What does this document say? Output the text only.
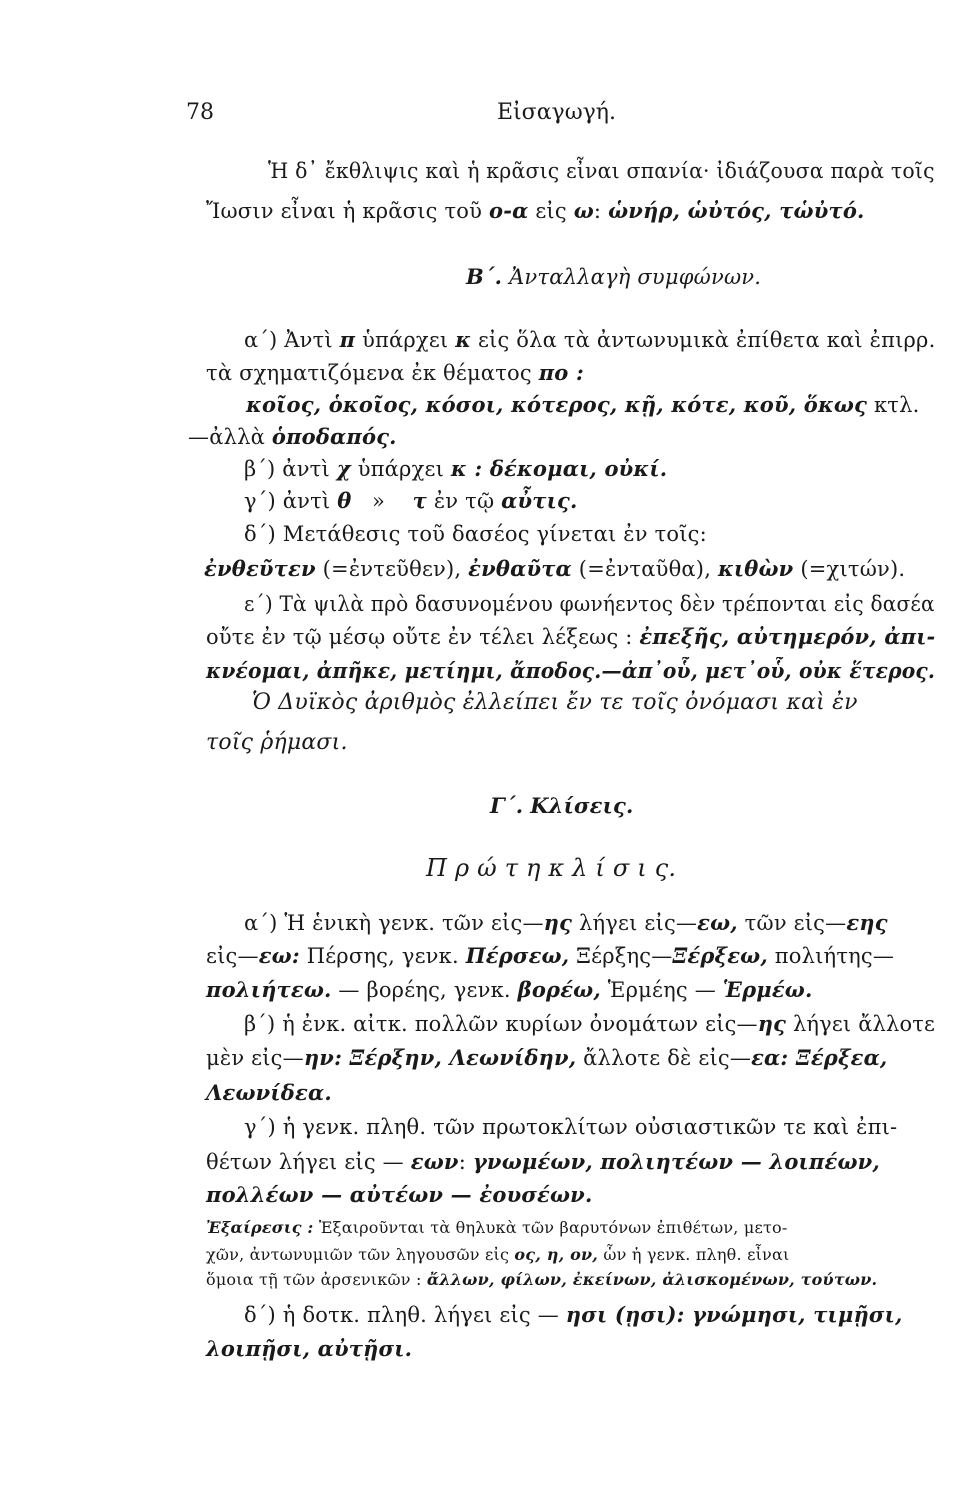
78	Εἰσαγωγή.
Ἡ δ᾽ ἔκθλιψις καὶ ἡ κρᾶσις εἶναι σπανία· ἰδιάζουσα παρὰ τοῖς
Ἴωσιν εἶναι ἡ κρᾶσις τοῦ ο-α εἰς ω: ὡνήρ, ὡὐτός, τὡὐτό.
Β΄. Ἀνταλλαγὴ συμφώνων.
α΄) Ἀντὶ π ὑπάρχει κ εἰς ὅλα τὰ ἀντωνυμικὰ ἐπίθετα καὶ ἐπιρρ.
τὰ σχηματιζόμενα ἐκ θέματος πο :
κοῖος, ὁκοῖος, κόσοι, κότερος, κῇ, κότε, κοῦ, ὅκως κτλ.
—ἀλλὰ ὁποδαπός.
β΄) ἀντὶ χ ὑπάρχει κ : δέκομαι, οὐκί.
γ΄) ἀντὶ θ   »    τ ἐν τῷ αὖτις.
δ΄) Μετάθεσις τοῦ δασέος γίνεται ἐν τοῖς:
ἐνθεῦτεν (=ἐντεῦθεν), ἐνθαῦτα (=ἐνταῦθα), κιθὼν (=χιτών).
ε΄) Τὰ ψιλὰ πρὸ δασυνομένου φωνήεντος δὲν τρέπονται εἰς δασέα
οὔτε ἐν τῷ μέσῳ οὔτε ἐν τέλει λέξεως : ἐπεξῆς, αὐτημερόν, ἀπι-
κνέομαι, ἀπῆκε, μετίημι, ἄποδος.—ἀπ᾽οὗ, μετ᾽οὗ, οὐκ ἕτερος.
Ὁ Δυϊκὸς ἀριθμὸς ἐλλείπει ἔν τε τοῖς ὀνόμασι καὶ ἐν
τοῖς ῥήμασι.
Γ΄. Κλίσεις.
Π ρ ώ τ η κ λ ί σ ι ς.
α΄) Ἡ ἑνικὴ γενκ. τῶν εἰς—ης λήγει εἰς—εω, τῶν εἰς—εης
εἰς—εω: Πέρσης, γενκ. Πέρσεω, Ξέρξης—Ξέρξεω, πολιήτης—
πολιήτεω. — βορέης, γενκ. βορέω, Ἑρμέης — Ἑρμέω.
β΄) ἡ ἐνκ. αἰτκ. πολλῶν κυρίων ὀνομάτων εἰς—ης λήγει ἄλλοτε
μὲν εἰς—ην: Ξέρξην, Λεωνίδην, ἄλλοτε δὲ εἰς—εα: Ξέρξεα,
Λεωνίδεα.
γ΄) ἡ γενκ. πληθ. τῶν πρωτοκλίτων οὐσιαστικῶν τε καὶ ἐπι-
θέτων λήγει εἰς — εων: γνωμέων, πολιητέων — λοιπέων,
πολλέων — αὐτέων — ἐουσέων.
Ἐξαίρεσις : Ἐξαιροῦνται τὰ θηλυκὰ τῶν βαρυτόνων ἐπιθέτων, μετο-
χῶν, ἀντωνυμιῶν τῶν ληγουσῶν εἰς ος, η, ον, ὧν ἡ γενκ. πληθ. εἶναι
ὅμοια τῇ τῶν ἀρσενικῶν : ἄλλων, φίλων, ἐκείνων, ἀλισκομένων, τούτων.
δ΄) ἡ δοτκ. πληθ. λήγει εἰς — ησι (ῃσι): γνώμησι, τιμῇσι,
λοιπῇσι, αὐτῇσι.
